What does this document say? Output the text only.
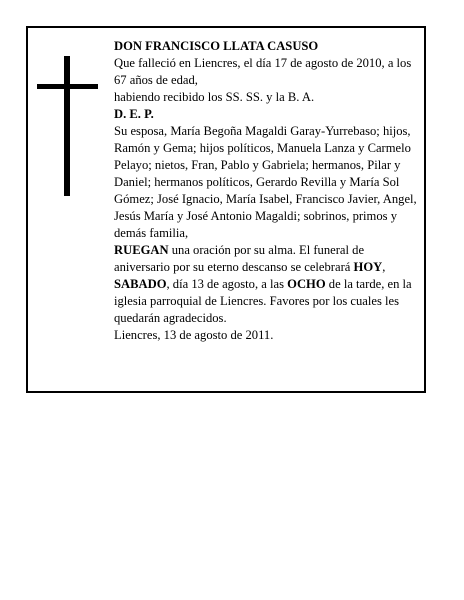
DON FRANCISCO LLATA CASUSO

Que falleció en Liencres, el día 17 de agosto de 2010, a los 67 años de edad,

habiendo recibido los SS. SS. y la B. A.

D. E. P.

Su esposa, María Begoña Magaldi Garay-Yurrebaso; hijos, Ramón y Gema; hijos políticos, Manuela Lanza y Carmelo Pelayo; nietos, Fran, Pablo y Gabriela; hermanos, Pilar y Daniel; hermanos políticos, Gerardo Revilla y María Sol Gómez; José Ignacio, María Isabel, Francisco Javier, Angel, Jesús María y José Antonio Magaldi; sobrinos, primos y demás familia,

RUEGAN una oración por su alma. El funeral de aniversario por su eterno descanso se celebrará HOY, SABADO, día 13 de agosto, a las OCHO de la tarde, en la iglesia parroquial de Liencres. Favores por los cuales les quedarán agradecidos.

Liencres, 13 de agosto de 2011.
